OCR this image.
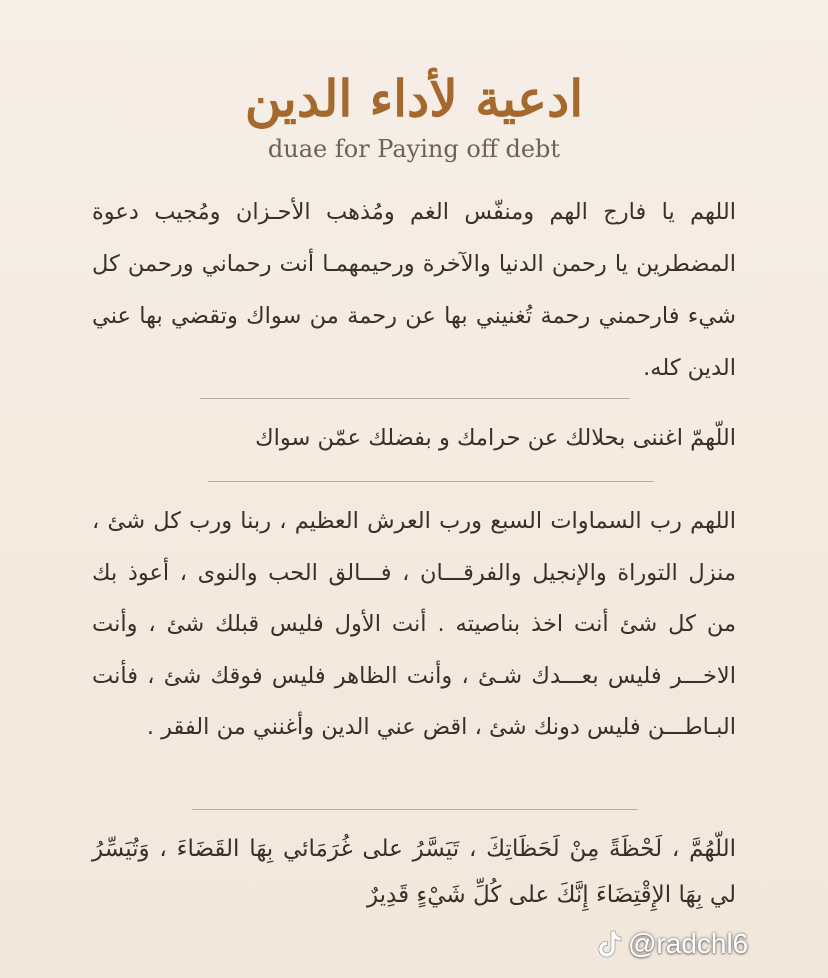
ادعية لأداء الدين
duae for Paying off debt
اللهم يا فارج الهم ومنفّس الغم ومُذهب الأحـزان ومُجيب دعوة المضطرين يا رحمن الدنيا والآخرة ورحيمهمـا أنت رحماني ورحمن كل شيء فارحمني رحمة تُغنيني بها عن رحمة من سواك وتقضي بها عني الدين كله.
اللّهمّ اغننى بحلالك عن حرامك و بفضلك عمّن سواك
اللهم رب السماوات السبع ورب العرش العظيم ، ربنا ورب كل شئ ، منزل التوراة والإنجيل والفرقـــان ، فـــالق الحب والنوى ، أعوذ بك من كل شئ أنت اخذ بناصيته . أنت الأول فليس قبلك شئ ، وأنت الاخـــر فليس بعـــدك شـئ ، وأنت الظاهر فليس فوقك شئ ، فأنت البـاطـــن فليس دونك شئ ، اقض عني الدين وأغنني من الفقر .
اللّهُمَّ ، لَحْظَةً مِنْ لَحَظَاتِكَ ، تَيَسَّرُ على غُرَمَائي بِهَا القَضَاءَ ، وَتُيَسِّرُ لي بِهَا الإِقْتِضَاءَ إِنَّكَ على كُلِّ شَيْءٍ قَدِيرٌ
@radchl6
